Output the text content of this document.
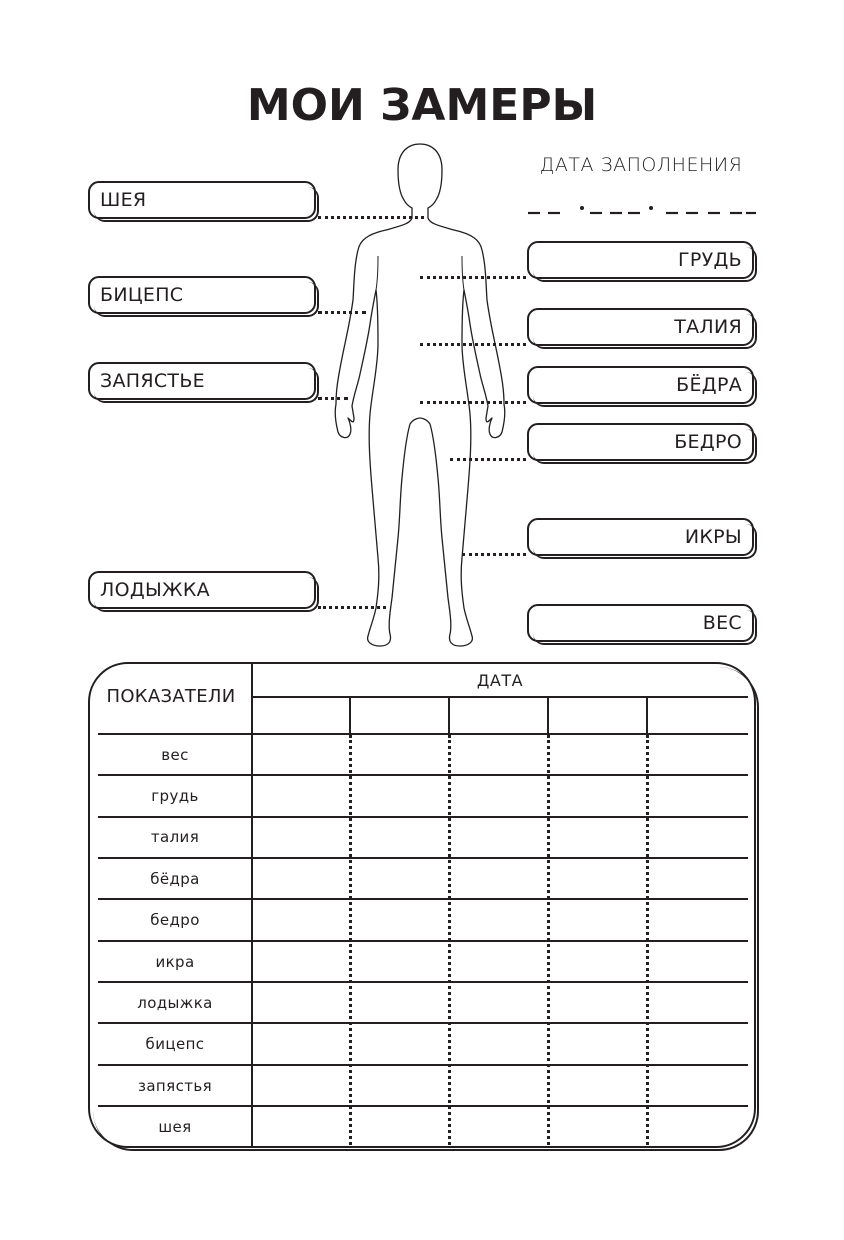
МОИ ЗАМЕРЫ
ДАТА ЗАПОЛНЕНИЯ
ШЕЯ
БИЦЕПС
ЗАПЯСТЬЕ
ЛОДЫЖКА
ГРУДЬ
ТАЛИЯ
БЁДРА
БЕДРО
ИКРЫ
ВЕС
ПОКАЗАТЕЛИ
ДАТА
вес
грудь
талия
бёдра
бедро
икра
лодыжка
бицепс
запястья
шея
